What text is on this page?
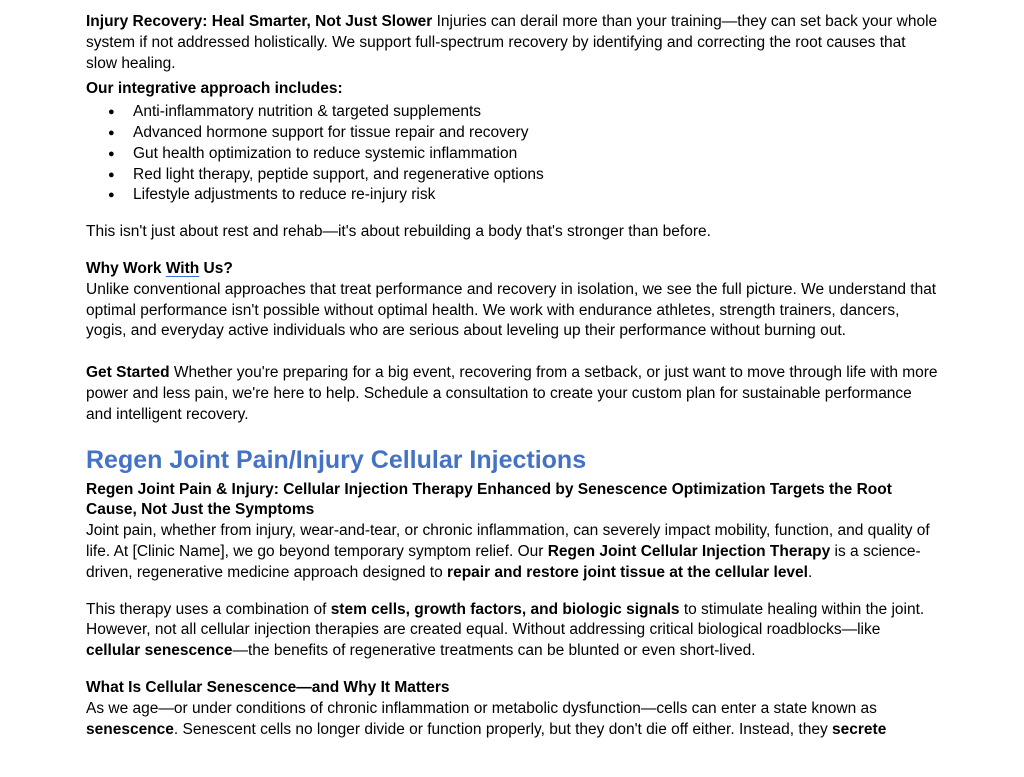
Injury Recovery: Heal Smarter, Not Just Slower Injuries can derail more than your training—they can set back your whole system if not addressed holistically. We support full-spectrum recovery by identifying and correcting the root causes that slow healing.

Our integrative approach includes:

● Anti-inflammatory nutrition & targeted supplements
● Advanced hormone support for tissue repair and recovery
● Gut health optimization to reduce systemic inflammation
● Red light therapy, peptide support, and regenerative options
● Lifestyle adjustments to reduce re-injury risk

This isn't just about rest and rehab—it's about rebuilding a body that's stronger than before.

Why Work With Us?

Unlike conventional approaches that treat performance and recovery in isolation, we see the full picture. We understand that optimal performance isn't possible without optimal health. We work with endurance athletes, strength trainers, dancers, yogis, and everyday active individuals who are serious about leveling up their performance without burning out.

Get Started Whether you're preparing for a big event, recovering from a setback, or just want to move through life with more power and less pain, we're here to help. Schedule a consultation to create your custom plan for sustainable performance and intelligent recovery.

Regen Joint Pain/Injury Cellular Injections

Regen Joint Pain & Injury: Cellular Injection Therapy Enhanced by Senescence Optimization Targets the Root Cause, Not Just the Symptoms

Joint pain, whether from injury, wear-and-tear, or chronic inflammation, can severely impact mobility, function, and quality of life. At [Clinic Name], we go beyond temporary symptom relief. Our Regen Joint Cellular Injection Therapy is a science-driven, regenerative medicine approach designed to repair and restore joint tissue at the cellular level.

This therapy uses a combination of stem cells, growth factors, and biologic signals to stimulate healing within the joint. However, not all cellular injection therapies are created equal. Without addressing critical biological roadblocks—like cellular senescence—the benefits of regenerative treatments can be blunted or even short-lived.

What Is Cellular Senescence—and Why It Matters

As we age—or under conditions of chronic inflammation or metabolic dysfunction—cells can enter a state known as senescence. Senescent cells no longer divide or function properly, but they don't die off either. Instead, they secrete
